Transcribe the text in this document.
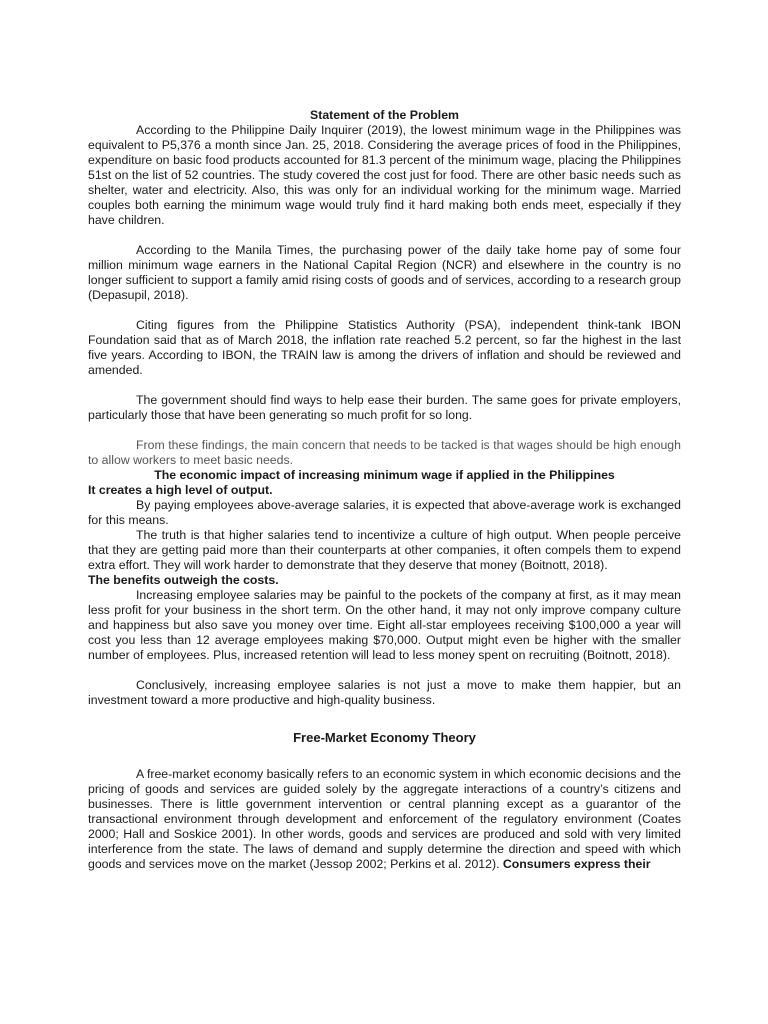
Statement of the Problem

According to the Philippine Daily Inquirer (2019), the lowest minimum wage in the Philippines was equivalent to P5,376 a month since Jan. 25, 2018. Considering the average prices of food in the Philippines, expenditure on basic food products accounted for 81.3 percent of the minimum wage, placing the Philippines 51st on the list of 52 countries. The study covered the cost just for food. There are other basic needs such as shelter, water and electricity. Also, this was only for an individual working for the minimum wage. Married couples both earning the minimum wage would truly find it hard making both ends meet, especially if they have children.

According to the Manila Times, the purchasing power of the daily take home pay of some four million minimum wage earners in the National Capital Region (NCR) and elsewhere in the country is no longer sufficient to support a family amid rising costs of goods and of services, according to a research group (Depasupil, 2018).

Citing figures from the Philippine Statistics Authority (PSA), independent think-tank IBON Foundation said that as of March 2018, the inflation rate reached 5.2 percent, so far the highest in the last five years. According to IBON, the TRAIN law is among the drivers of inflation and should be reviewed and amended.

The government should find ways to help ease their burden. The same goes for private employers, particularly those that have been generating so much profit for so long.

From these findings, the main concern that needs to be tacked is that wages should be high enough to allow workers to meet basic needs.

The economic impact of increasing minimum wage if applied in the Philippines

It creates a high level of output.

By paying employees above-average salaries, it is expected that above-average work is exchanged for this means.

The truth is that higher salaries tend to incentivize a culture of high output. When people perceive that they are getting paid more than their counterparts at other companies, it often compels them to expend extra effort. They will work harder to demonstrate that they deserve that money (Boitnott, 2018).

The benefits outweigh the costs.

Increasing employee salaries may be painful to the pockets of the company at first, as it may mean less profit for your business in the short term. On the other hand, it may not only improve company culture and happiness but also save you money over time. Eight all-star employees receiving $100,000 a year will cost you less than 12 average employees making $70,000. Output might even be higher with the smaller number of employees. Plus, increased retention will lead to less money spent on recruiting (Boitnott, 2018).

Conclusively, increasing employee salaries is not just a move to make them happier, but an investment toward a more productive and high-quality business.

Free-Market Economy Theory

A free-market economy basically refers to an economic system in which economic decisions and the pricing of goods and services are guided solely by the aggregate interactions of a country’s citizens and businesses. There is little government intervention or central planning except as a guarantor of the transactional environment through development and enforcement of the regulatory environment (Coates 2000; Hall and Soskice 2001). In other words, goods and services are produced and sold with very limited interference from the state. The laws of demand and supply determine the direction and speed with which goods and services move on the market (Jessop 2002; Perkins et al. 2012). Consumers express their
